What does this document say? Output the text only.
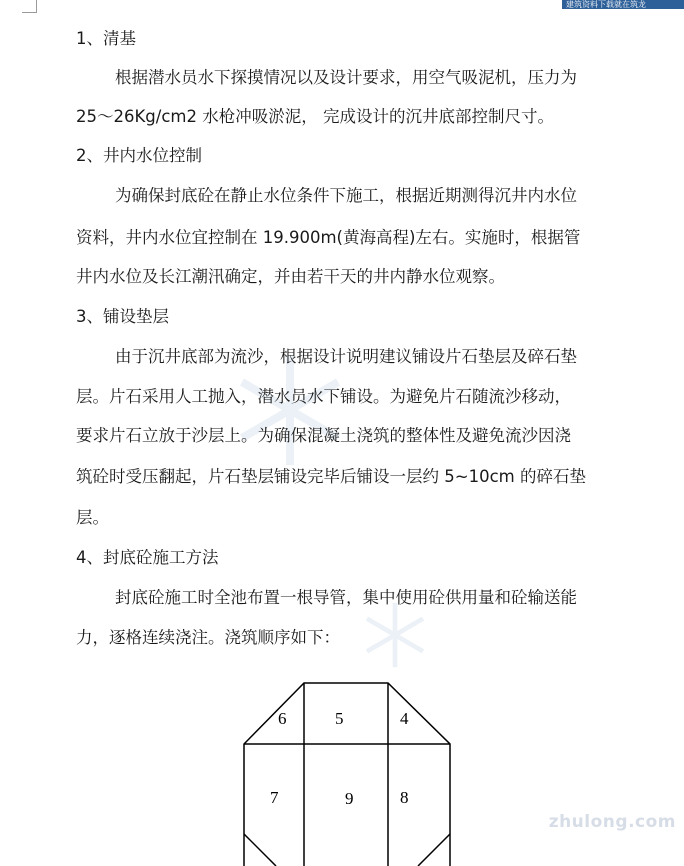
建筑资料下载就在筑龙
1、清基
根据潜水员水下探摸情况以及设计要求，用空气吸泥机，压力为
25～26Kg/cm2 水枪冲吸淤泥， 完成设计的沉井底部控制尺寸。
2、井内水位控制
为确保封底砼在静止水位条件下施工，根据近期测得沉井内水位
资料，井内水位宜控制在 19.900m(黄海高程)左右。实施时，根据管
井内水位及长江潮汛确定，并由若干天的井内静水位观察。
3、铺设垫层
由于沉井底部为流沙，根据设计说明建议铺设片石垫层及碎石垫
层。片石采用人工抛入，潜水员水下铺设。为避免片石随流沙移动，
要求片石立放于沙层上。为确保混凝土浇筑的整体性及避免流沙因浇
筑砼时受压翻起，片石垫层铺设完毕后铺设一层约 5~10cm 的碎石垫
层。
4、封底砼施工方法
封底砼施工时全池布置一根导管，集中使用砼供用量和砼输送能
力，逐格连续浇注。浇筑顺序如下：
6	5	4
7	9	8
zhulong.com
